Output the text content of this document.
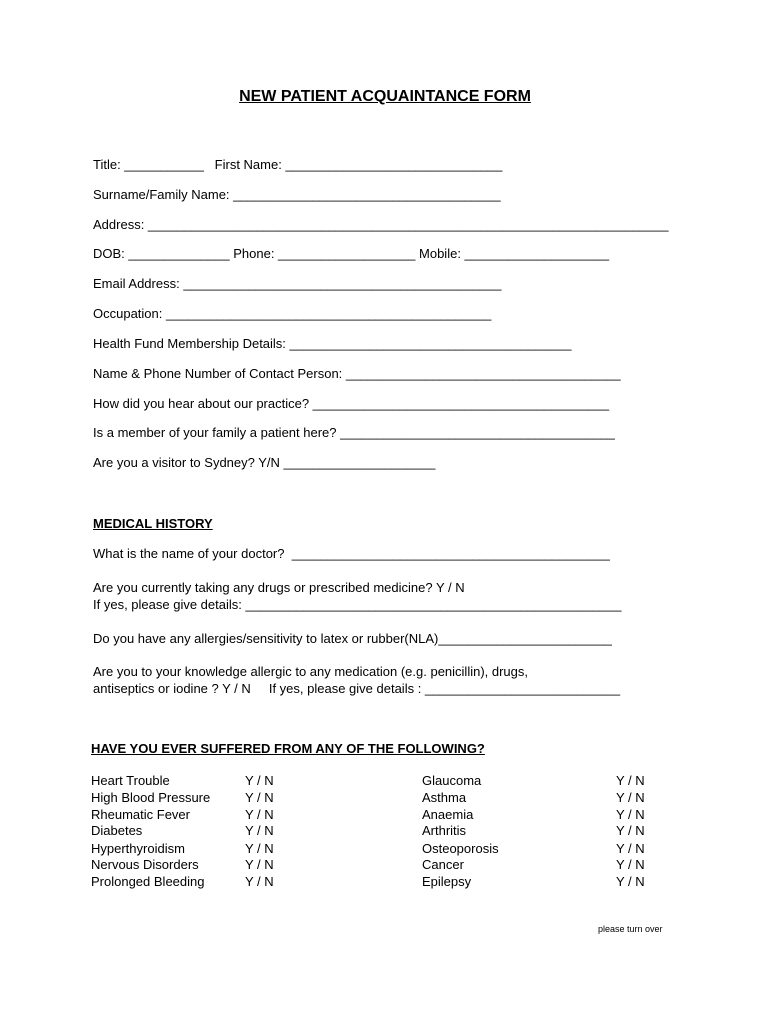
NEW PATIENT ACQUAINTANCE FORM
Title: ___________   First Name: ______________________________
Surname/Family Name: _____________________________________
Address: ________________________________________________________________________
DOB: ______________ Phone: ___________________ Mobile: ____________________
Email Address: ____________________________________________
Occupation: _____________________________________________
Health Fund Membership Details: _______________________________________
Name & Phone Number of Contact Person: ______________________________________
How did you hear about our practice? _________________________________________
Is a member of your family a patient here? ______________________________________
Are you a visitor to Sydney? Y/N _____________________
MEDICAL HISTORY
What is the name of your doctor?  ____________________________________________
Are you currently taking any drugs or prescribed medicine? Y / N
If yes, please give details: ____________________________________________________
Do you have any allergies/sensitivity to latex or rubber(NLA)________________________
Are you to your knowledge allergic to any medication (e.g. penicillin), drugs,
antiseptics or iodine ? Y / N     If yes, please give details : ___________________________
HAVE YOU EVER SUFFERED FROM ANY OF THE FOLLOWING?
Heart Trouble
High Blood Pressure
Rheumatic Fever
Diabetes
Hyperthyroidism
Nervous Disorders
Prolonged Bleeding
Y / N
Y / N
Y / N
Y / N
Y / N
Y / N
Y / N
Glaucoma
Asthma
Anaemia
Arthritis
Osteoporosis
Cancer
Epilepsy
Y / N
Y / N
Y / N
Y / N
Y / N
Y / N
Y / N
please turn over
